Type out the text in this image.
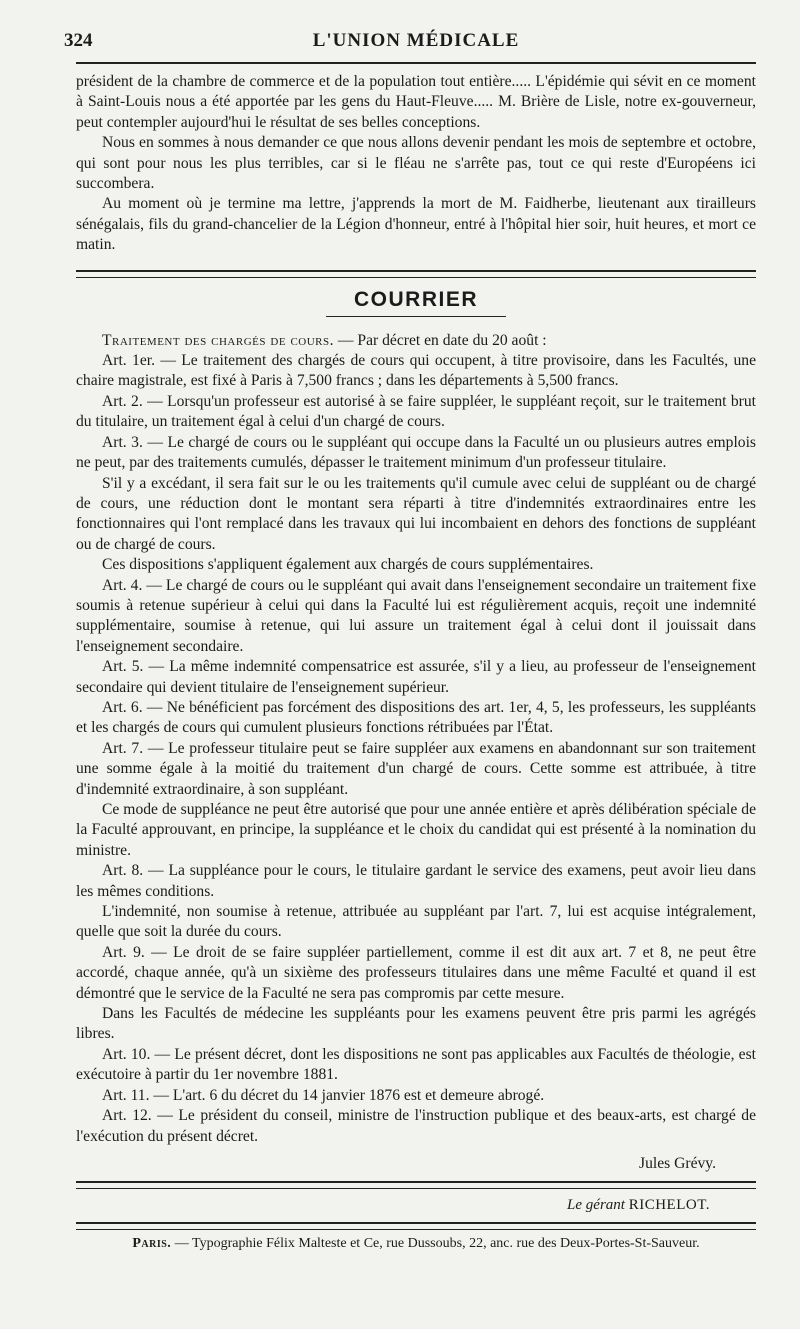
324	L'UNION MÉDICALE

président de la chambre de commerce et de la population tout entière..... L'épidémie qui sévit en ce moment à Saint-Louis nous a été apportée par les gens du Haut-Fleuve..... M. Brière de Lisle, notre ex-gouverneur, peut contempler aujourd'hui le résultat de ses belles conceptions.

Nous en sommes à nous demander ce que nous allons devenir pendant les mois de septembre et octobre, qui sont pour nous les plus terribles, car si le fléau ne s'arrête pas, tout ce qui reste d'Européens ici succombera.

Au moment où je termine ma lettre, j'apprends la mort de M. Faidherbe, lieutenant aux tirailleurs sénégalais, fils du grand-chancelier de la Légion d'honneur, entré à l'hôpital hier soir, huit heures, et mort ce matin.

COURRIER

Traitement des chargés de cours. — Par décret en date du 20 août :

Art. 1er. — Le traitement des chargés de cours qui occupent, à titre provisoire, dans les Facultés, une chaire magistrale, est fixé à Paris à 7,500 francs ; dans les départements à 5,500 francs.

Art. 2. — Lorsqu'un professeur est autorisé à se faire suppléer, le suppléant reçoit, sur le traitement brut du titulaire, un traitement égal à celui d'un chargé de cours.

Art. 3. — Le chargé de cours ou le suppléant qui occupe dans la Faculté un ou plusieurs autres emplois ne peut, par des traitements cumulés, dépasser le traitement minimum d'un professeur titulaire.

S'il y a excédant, il sera fait sur le ou les traitements qu'il cumule avec celui de suppléant ou de chargé de cours, une réduction dont le montant sera réparti à titre d'indemnités extraordinaires entre les fonctionnaires qui l'ont remplacé dans les travaux qui lui incombaient en dehors des fonctions de suppléant ou de chargé de cours.

Ces dispositions s'appliquent également aux chargés de cours supplémentaires.

Art. 4. — Le chargé de cours ou le suppléant qui avait dans l'enseignement secondaire un traitement fixe soumis à retenue supérieur à celui qui dans la Faculté lui est régulièrement acquis, reçoit une indemnité supplémentaire, soumise à retenue, qui lui assure un traitement égal à celui dont il jouissait dans l'enseignement secondaire.

Art. 5. — La même indemnité compensatrice est assurée, s'il y a lieu, au professeur de l'enseignement secondaire qui devient titulaire de l'enseignement supérieur.

Art. 6. — Ne bénéficient pas forcément des dispositions des art. 1er, 4, 5, les professeurs, les suppléants et les chargés de cours qui cumulent plusieurs fonctions rétribuées par l'État.

Art. 7. — Le professeur titulaire peut se faire suppléer aux examens en abandonnant sur son traitement une somme égale à la moitié du traitement d'un chargé de cours. Cette somme est attribuée, à titre d'indemnité extraordinaire, à son suppléant.

Ce mode de suppléance ne peut être autorisé que pour une année entière et après délibération spéciale de la Faculté approuvant, en principe, la suppléance et le choix du candidat qui est présenté à la nomination du ministre.

Art. 8. — La suppléance pour le cours, le titulaire gardant le service des examens, peut avoir lieu dans les mêmes conditions.

L'indemnité, non soumise à retenue, attribuée au suppléant par l'art. 7, lui est acquise intégralement, quelle que soit la durée du cours.

Art. 9. — Le droit de se faire suppléer partiellement, comme il est dit aux art. 7 et 8, ne peut être accordé, chaque année, qu'à un sixième des professeurs titulaires dans une même Faculté et quand il est démontré que le service de la Faculté ne sera pas compromis par cette mesure.

Dans les Facultés de médecine les suppléants pour les examens peuvent être pris parmi les agrégés libres.

Art. 10. — Le présent décret, dont les dispositions ne sont pas applicables aux Facultés de théologie, est exécutoire à partir du 1er novembre 1881.

Art. 11. — L'art. 6 du décret du 14 janvier 1876 est et demeure abrogé.

Art. 12. — Le président du conseil, ministre de l'instruction publique et des beaux-arts, est chargé de l'exécution du présent décret.

Jules Grévy.
Le gérant RICHELOT.
Paris. — Typographie Félix Malteste et Ce, rue Dussoubs, 22, anc. rue des Deux-Portes-St-Sauveur.
